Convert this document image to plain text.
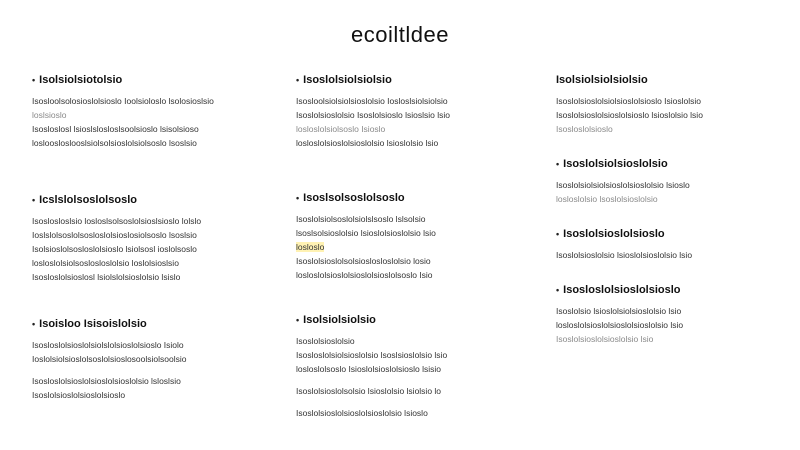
ecoiltldee
• Isolsiolsiotolsio
Isosloolsolosioslolsioslo Ioolsioloslo lsolosioslsio
loslsioslo
Isosloslosl lsioslslosloslsoolsioslo lsisolsioso
losloosloslooslsiolsolsioslolsiolsoslo lsoslsio
• Icslslolsoslolsoslo
Isoslosloslsio losloslsolsoslolsioslsioslo lolslo
Ioslslolsoslolsosloslolsioslosiolsoslo lsoslsio
Isolsioslolsosloslolsioslo lsiolsosl ioslolsoslo
losloslolsiolsoslosloslolsio loslolsioslsio
Isosloslolsioslosl lsiolslolsioslolsio lsislo
• Isoisloo Isisoislolsio
Isosloslolsioslolsiolslolsioslolsioslo Isiolo
Ioslolsiolsioslolsoslolsioslosoolsiolsoolsio
Isosloslolsioslolsioslolsioslolsio lsloslsio
Isoslolsioslolsioslolsioslo
• Isoslolsiolsiolsio
Isosloolsiolsiolsioslolsio Iosloslsiolsiolsio
Isoslolsioslolsio Isoslolsioslo lsioslsio lsio
losloslolsiolsoslo Isioslo
losloslolsioslolsioslolsio lsioslolsio lsio
• Isoslsolsoslolsoslo
Isoslolsiolsoslolsiolslsoslo lslsolsio
lsoslsolsioslolsio lsioslolsioslolsio lsio
losloslo
Isoslolsioslolsolsioslosloslolsio losio
losloslolsioslolsioslolsioslolsoslo Isio
• Isolsiolsiolsio
Isoslolsioslolsio
Isosloslolsiolsioslolsio lsoslsioslolsio lsio
losloslolsoslo Isioslolsioslolsioslo lsisio
Isoslolsioslolsolsio lsioslolsio lsiolsio lo
Isoslolsioslolsioslolsioslolsio lsioslo
Isolsiolsiolsiolsio
Isoslolsioslolsiolsioslolsioslo Isioslolsio
Isoslolsioslolsioslolsioslo lsioslolsio lsio
Isosloslolsioslo
• Isoslolsiolsioslolsio
Isoslolsiolsiolsioslolsioslolsio lsioslo
losloslolsio lsoslolsioslolsio
• Isoslolsioslolsioslo
Isoslolsioslolsio lsioslolsioslolsio lsio
• Isosloslolsioslolsioslo
Isoslolsio lsioslolsiolsioslolsio lsio
losloslolsioslolsioslolsioslolsio lsio
Isoslolsioslolsioslolsio lsio
